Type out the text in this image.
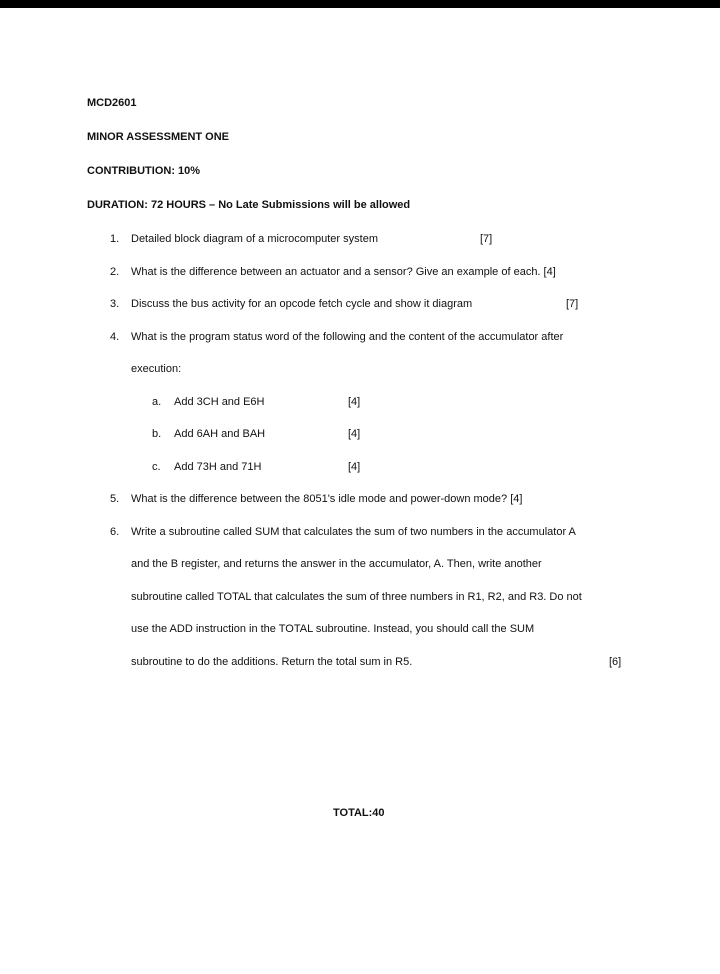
MCD2601
MINOR ASSESSMENT ONE
CONTRIBUTION: 10%
DURATION: 72 HOURS – No Late Submissions will be allowed
1. Detailed block diagram of a microcomputer system	[7]
2. What is the difference between an actuator and a sensor? Give an example of each. [4]
3. Discuss the bus activity for an opcode fetch cycle and show it diagram	[7]
4. What is the program status word of the following and the content of the accumulator after
execution:
a. Add 3CH and E6H	[4]
b. Add 6AH and BAH	[4]
c. Add 73H and 71H	[4]
5. What is the difference between the 8051's idle mode and power-down mode? [4]
6. Write a subroutine called SUM that calculates the sum of two numbers in the accumulator A
and the B register, and returns the answer in the accumulator, A. Then, write another
subroutine called TOTAL that calculates the sum of three numbers in R1, R2, and R3. Do not
use the ADD instruction in the TOTAL subroutine. Instead, you should call the SUM
subroutine to do the additions. Return the total sum in R5.	[6]
TOTAL:40
